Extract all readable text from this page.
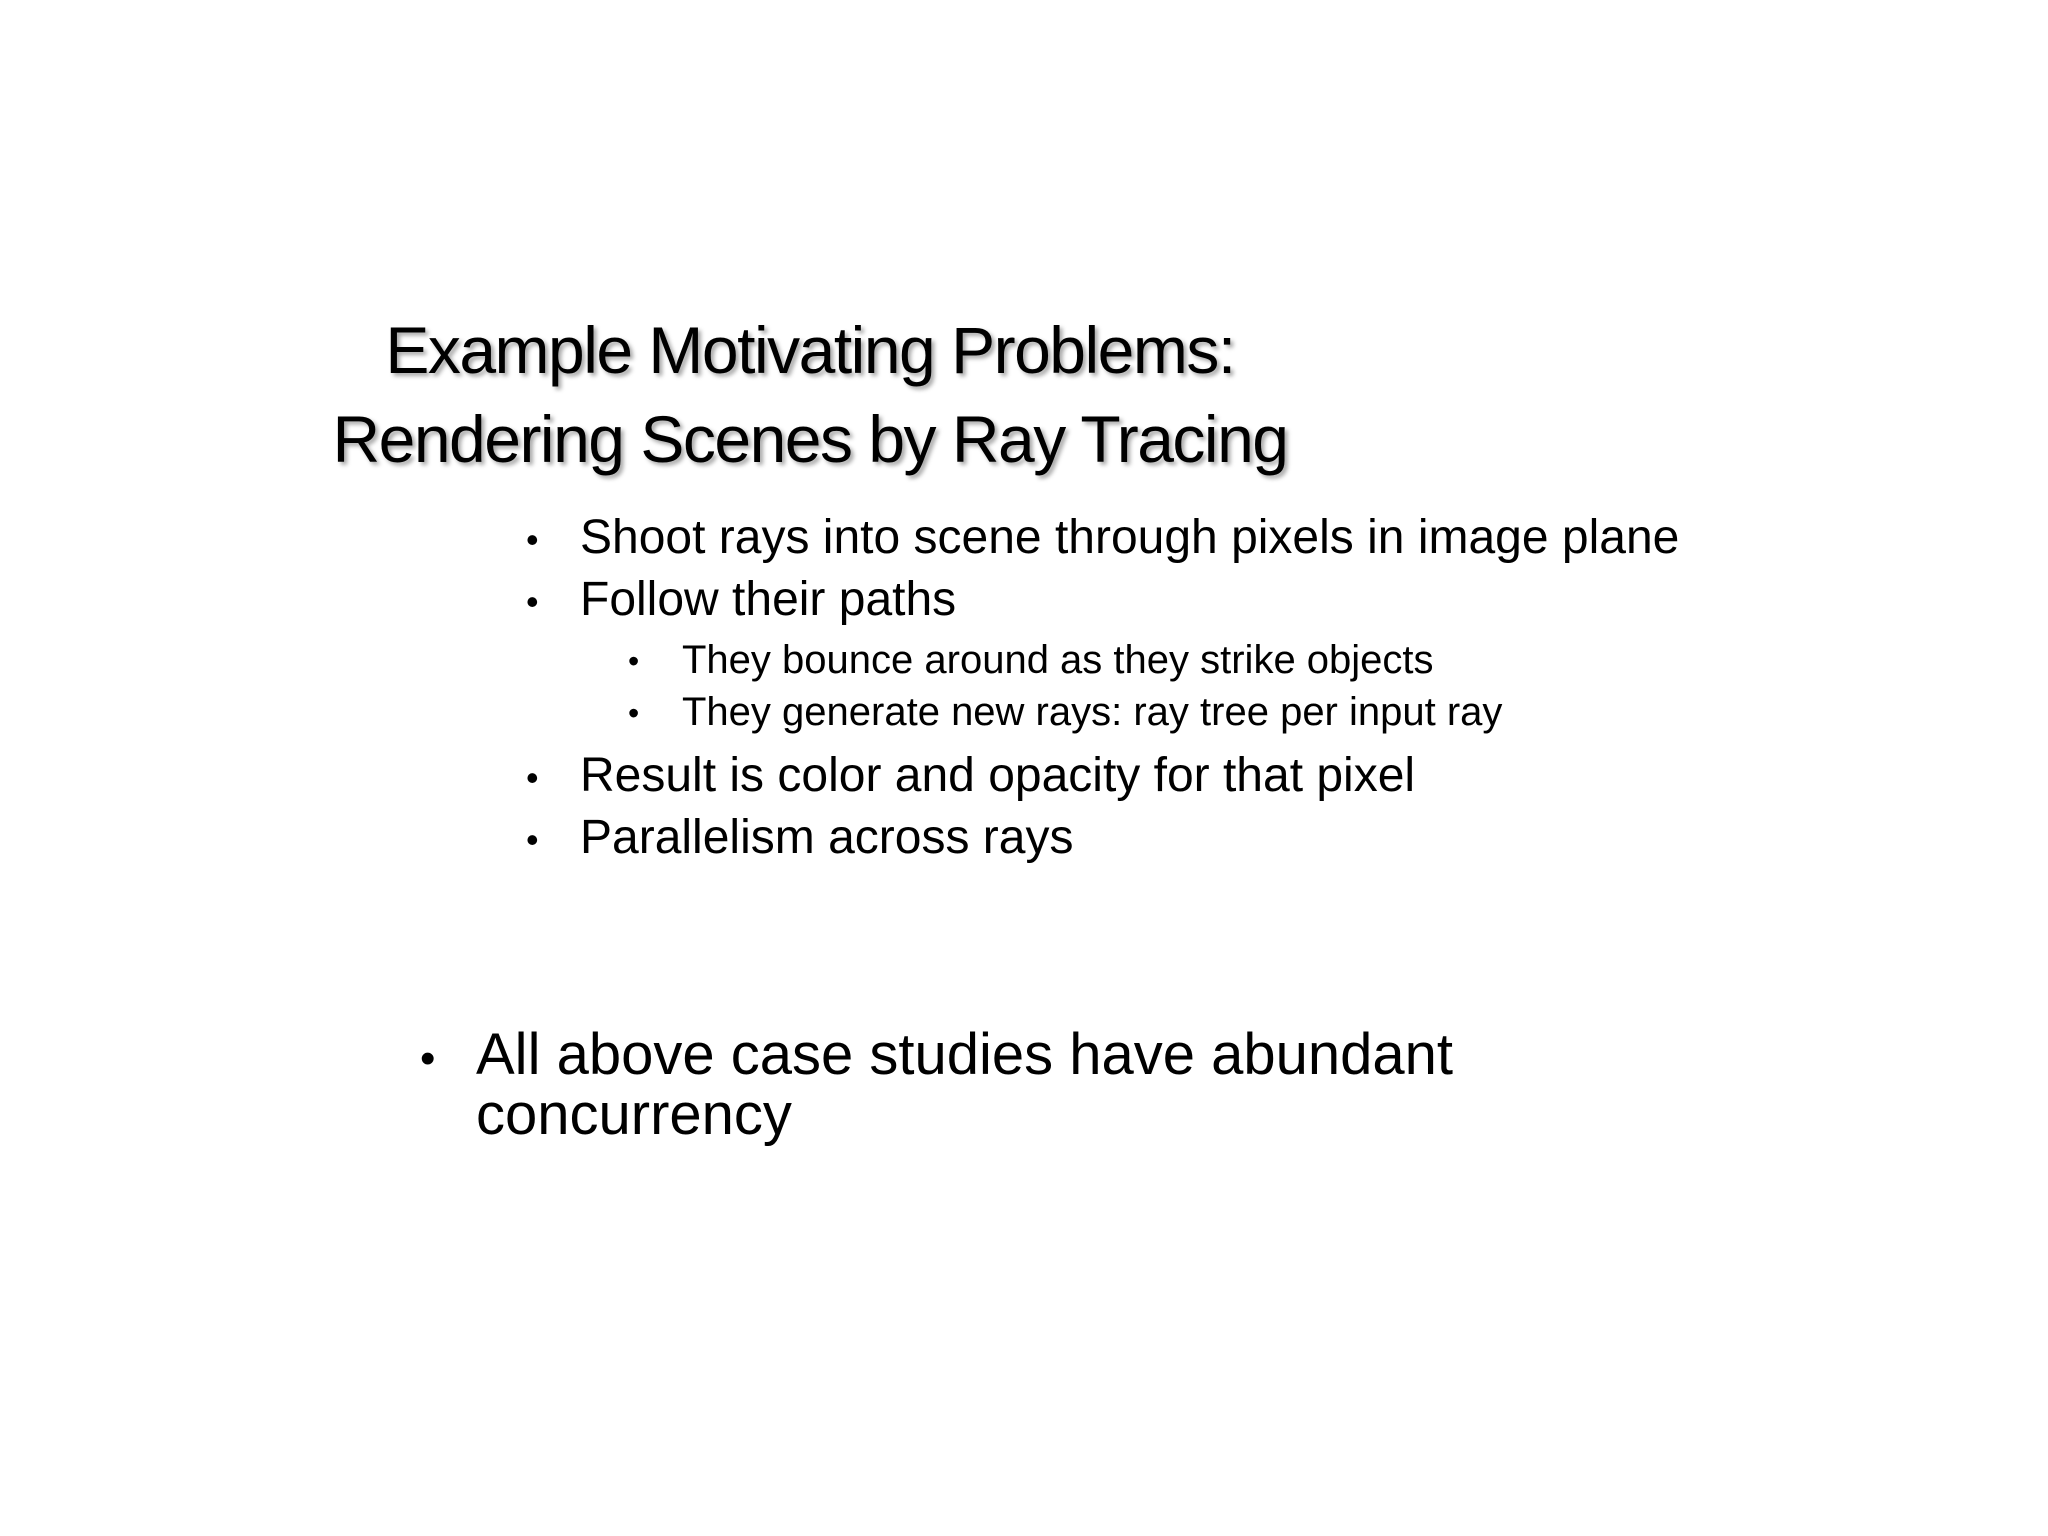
Example Motivating Problems:
Rendering Scenes by Ray Tracing
• Shoot rays into scene through pixels in image plane
• Follow their paths
• They bounce around as they strike objects
• They generate new rays: ray tree per input ray
• Result is color and opacity for that pixel
• Parallelism across rays
• All above case studies have abundant concurrency
